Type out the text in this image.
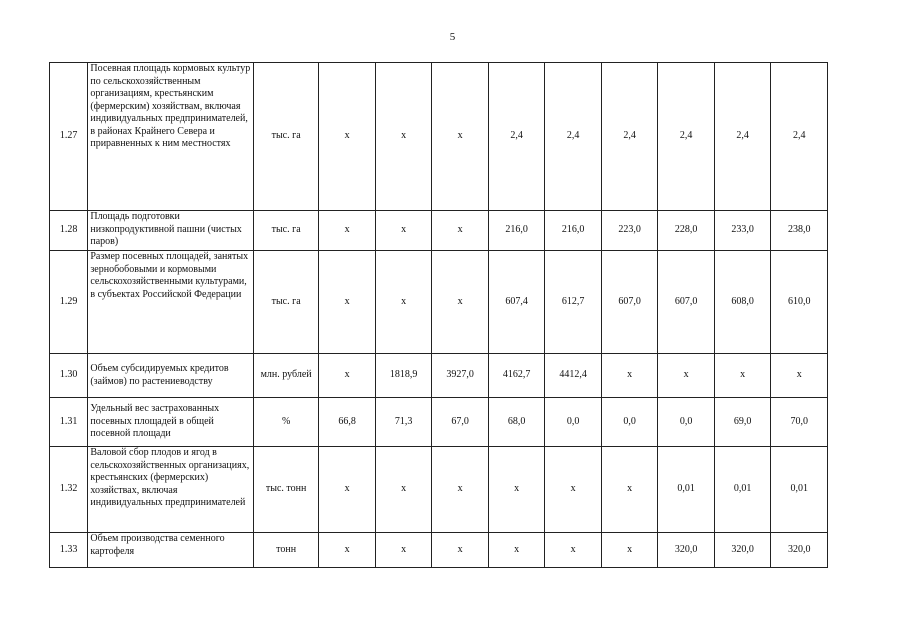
5
1.27	Посевная площадь кормовых культур по сельскохозяйственным организациям, крестьянским (фермерским) хозяйствам, включая индивидуальных предпринимателей, в районах Крайнего Севера и приравненных к ним местностях	тыс. га	х	х	х	2,4	2,4	2,4	2,4	2,4	2,4
1.28	Площадь подготовки низкопродуктивной пашни (чистых паров)	тыс. га	х	х	х	216,0	216,0	223,0	228,0	233,0	238,0
1.29	Размер посевных площадей, занятых зернобобовыми и кормовыми сельскохозяйственными культурами, в субъектах Российской Федерации	тыс. га	х	х	х	607,4	612,7	607,0	607,0	608,0	610,0
1.30	Объем субсидируемых кредитов (займов) по растениеводству	млн. рублей	х	1818,9	3927,0	4162,7	4412,4	х	х	х	х
1.31	Удельный вес застрахованных посевных площадей в общей посевной площади	%	66,8	71,3	67,0	68,0	0,0	0,0	0,0	69,0	70,0
1.32	Валовой сбор плодов и ягод в сельскохозяйственных организациях, крестьянских (фермерских) хозяйствах, включая индивидуальных предпринимателей	тыс. тонн	х	х	х	х	х	х	0,01	0,01	0,01
1.33	Объем производства семенного картофеля	тонн	х	х	х	х	х	х	320,0	320,0	320,0
